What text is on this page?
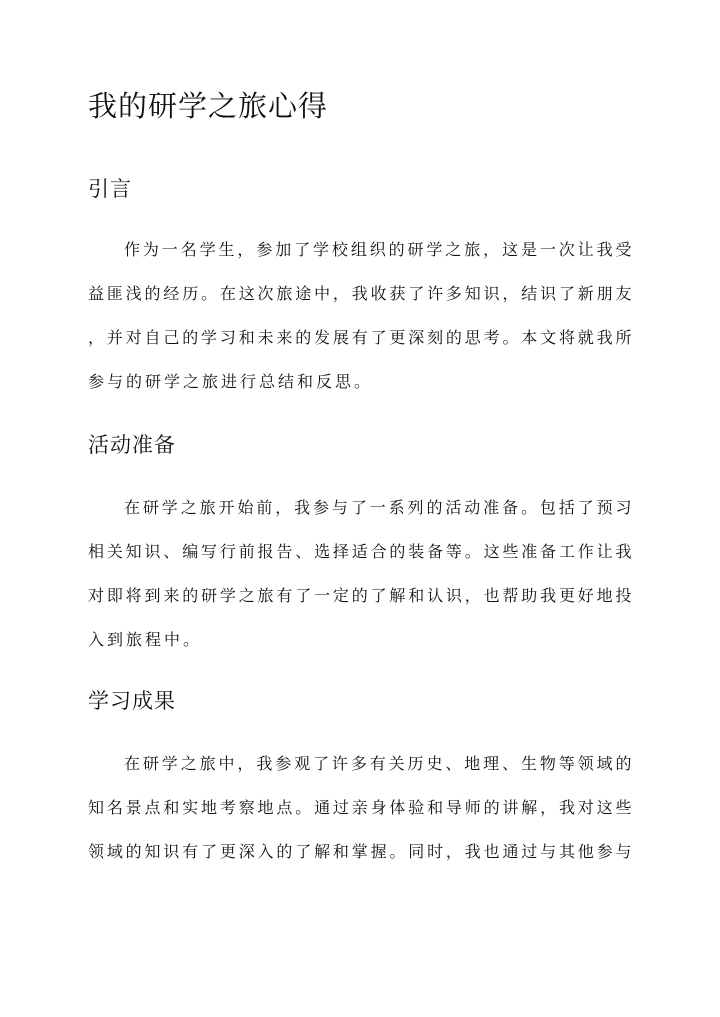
我的研学之旅心得
引言
作为一名学生，参加了学校组织的研学之旅，这是一次让我受
益匪浅的经历。在这次旅途中，我收获了许多知识，结识了新朋友
，并对自己的学习和未来的发展有了更深刻的思考。本文将就我所
参与的研学之旅进行总结和反思。
活动准备
在研学之旅开始前，我参与了一系列的活动准备。包括了预习
相关知识、编写行前报告、选择适合的装备等。这些准备工作让我
对即将到来的研学之旅有了一定的了解和认识，也帮助我更好地投
入到旅程中。
学习成果
在研学之旅中，我参观了许多有关历史、地理、生物等领域的
知名景点和实地考察地点。通过亲身体验和导师的讲解，我对这些
领域的知识有了更深入的了解和掌握。同时，我也通过与其他参与
